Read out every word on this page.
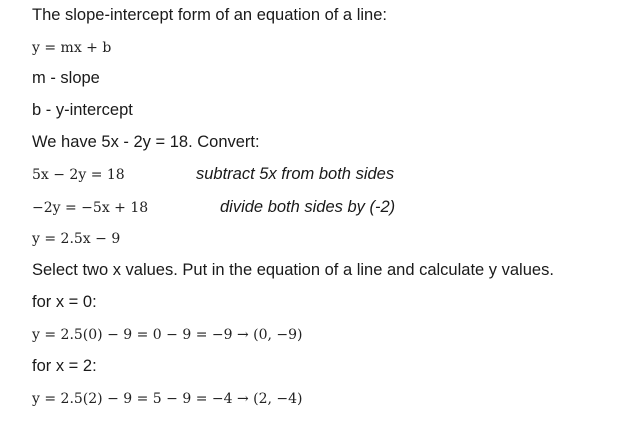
The slope-intercept form of an equation of a line:
y = mx + b
m - slope
b - y-intercept
We have 5x - 2y = 18. Convert:
5x − 2y = 18	subtract 5x from both sides
−2y = −5x + 18	divide both sides by (-2)
y = 2.5x − 9
Select two x values. Put in the equation of a line and calculate y values.
for x = 0:
y = 2.5(0) − 9 = 0 − 9 = −9 → (0, −9)
for x = 2:
y = 2.5(2) − 9 = 5 − 9 = −4 → (2, −4)
